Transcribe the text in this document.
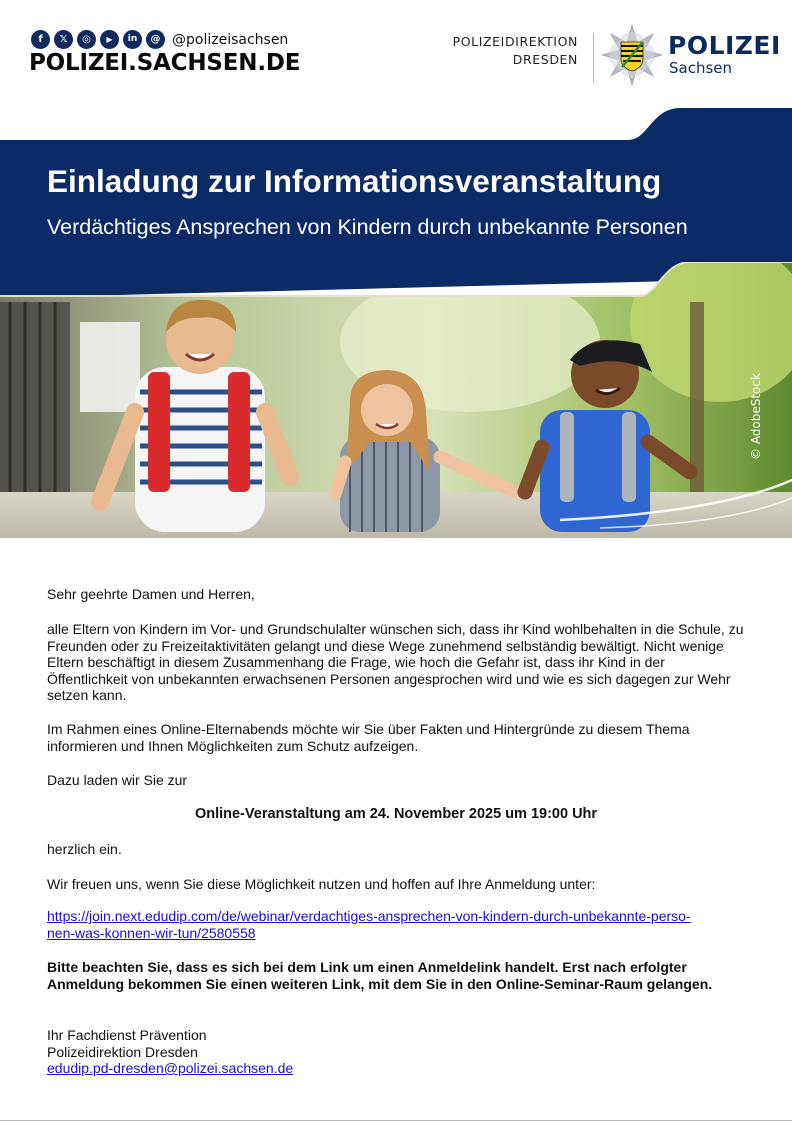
f	𝕏	◎	▶	in	@ @polizeisachsen
POLIZEI.SACHSEN.DE
POLIZEIDIREKTION
DRESDEN	POLIZEI
Sachsen
Einladung zur Informationsveranstaltung
Verdächtiges Ansprechen von Kindern durch unbekannte Personen
© AdobeStock
Sehr geehrte Damen und Herren,
alle Eltern von Kindern im Vor- und Grundschulalter wünschen sich, dass ihr Kind wohlbehalten in die Schule, zu Freunden oder zu Freizeitaktivitäten gelangt und diese Wege zunehmend selbständig bewältigt. Nicht wenige Eltern beschäftigt in diesem Zusammenhang die Frage, wie hoch die Gefahr ist, dass ihr Kind in der Öffentlichkeit von unbekannten erwachsenen Personen angesprochen wird und wie es sich dagegen zur Wehr setzen kann.
Im Rahmen eines Online-Elternabends möchte wir Sie über Fakten und Hintergründe zu diesem Thema informieren und Ihnen Möglichkeiten zum Schutz aufzeigen.
Dazu laden wir Sie zur
Online-Veranstaltung am 24. November 2025 um 19:00 Uhr
herzlich ein.
Wir freuen uns, wenn Sie diese Möglichkeit nutzen und hoffen auf Ihre Anmeldung unter:
https://join.next.edudip.com/de/webinar/verdachtiges-ansprechen-von-kindern-durch-unbekannte-perso-
nen-was-konnen-wir-tun/2580558
Bitte beachten Sie, dass es sich bei dem Link um einen Anmeldelink handelt. Erst nach erfolgter Anmeldung bekommen Sie einen weiteren Link, mit dem Sie in den Online-Seminar-Raum gelangen.
Ihr Fachdienst Prävention
Polizeidirektion Dresden
edudip.pd-dresden@polizei.sachsen.de
